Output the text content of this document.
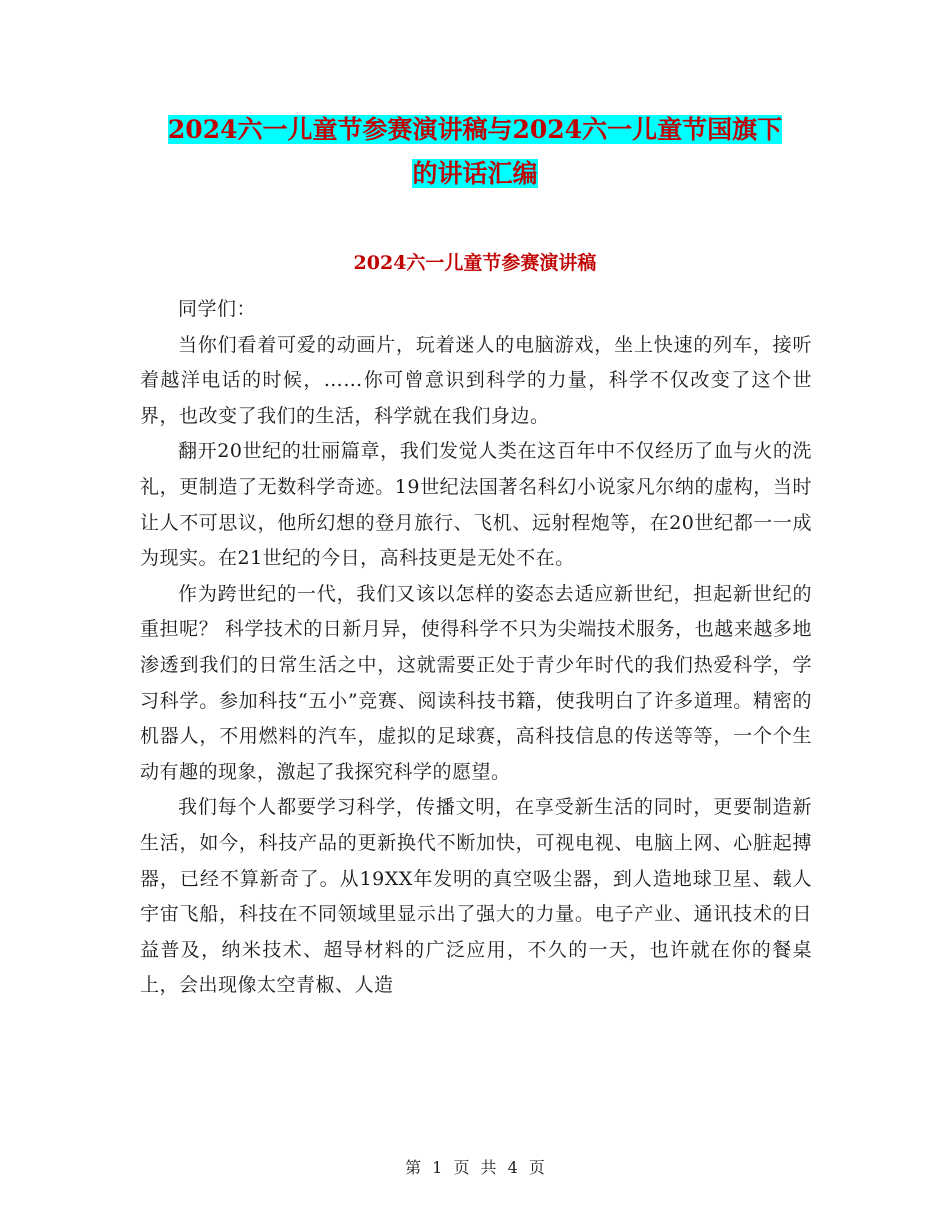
2024六一儿童节参赛演讲稿与2024六一儿童节国旗下
的讲话汇编
2024六一儿童节参赛演讲稿

同学们：

当你们看着可爱的动画片，玩着迷人的电脑游戏，坐上快速的列车，接听着越洋电话的时候，……你可曾意识到科学的力量，科学不仅改变了这个世界，也改变了我们的生活，科学就在我们身边。

翻开20世纪的壮丽篇章，我们发觉人类在这百年中不仅经历了血与火的洗礼，更制造了无数科学奇迹。19世纪法国著名科幻小说家凡尔纳的虚构，当时让人不可思议，他所幻想的登月旅行、飞机、远射程炮等，在20世纪都一一成为现实。在21世纪的今日，高科技更是无处不在。

作为跨世纪的一代，我们又该以怎样的姿态去适应新世纪，担起新世纪的重担呢？ 科学技术的日新月异，使得科学不只为尖端技术服务，也越来越多地渗透到我们的日常生活之中，这就需要正处于青少年时代的我们热爱科学，学习科学。参加科技“五小”竞赛、阅读科技书籍，使我明白了许多道理。精密的机器人，不用燃料的汽车，虚拟的足球赛，高科技信息的传送等等，一个个生动有趣的现象，激起了我探究科学的愿望。

我们每个人都要学习科学，传播文明，在享受新生活的同时，更要制造新生活，如今，科技产品的更新换代不断加快，可视电视、电脑上网、心脏起搏器，已经不算新奇了。从19XX年发明的真空吸尘器，到人造地球卫星、载人宇宙飞船，科技在不同领域里显示出了强大的力量。电子产业、通讯技术的日益普及，纳米技术、超导材料的广泛应用，不久的一天，也许就在你的餐桌上，会出现像太空青椒、人造

第 1 页 共 4 页
